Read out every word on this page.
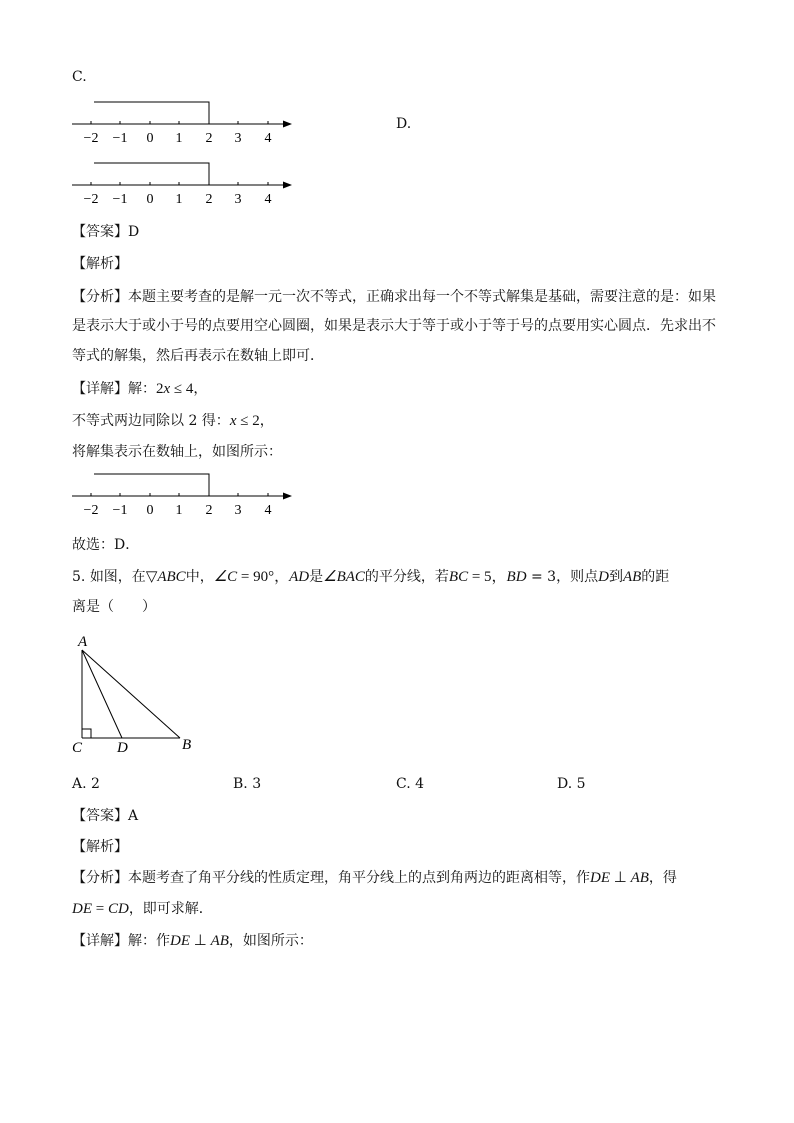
C.
−2 −1 0 1 2 3 4
D.
−2 −1 0 1 2 3 4
【答案】D
【解析】
【分析】本题主要考查的是解一元一次不等式，正确求出每一个不等式解集是基础，需要注意的是：如果
是表示大于或小于号的点要用空心圆圈，如果是表示大于等于或小于等于号的点要用实心圆点．先求出不
等式的解集，然后再表示在数轴上即可．
【详解】解：2x ≤ 4，
不等式两边同除以 2 得：x ≤ 2，
将解集表示在数轴上，如图所示：
−2 −1 0 1 2 3 4
故选：D．
5. 如图，在▽ABC中，∠C = 90°，AD是∠BAC的平分线，若BC = 5，BD = 3，则点D到AB的距
离是（　　）
A
C D	B
A. 2	B. 3	C. 4	D. 5
【答案】A
【解析】
【分析】本题考查了角平分线的性质定理，角平分线上的点到角两边的距离相等，作DE ⊥ AB，得
DE = CD，即可求解．
【详解】解：作DE ⊥ AB，如图所示：
